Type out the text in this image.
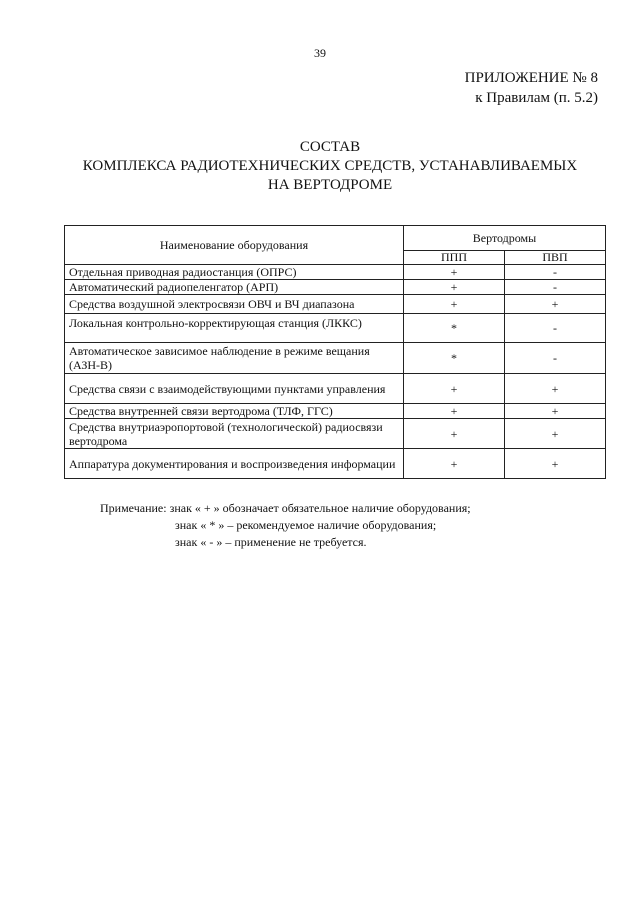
39
ПРИЛОЖЕНИЕ № 8
к Правилам (п. 5.2)
СОСТАВ
КОМПЛЕКСА РАДИОТЕХНИЧЕСКИХ СРЕДСТВ, УСТАНАВЛИВАЕМЫХ
НА ВЕРТОДРОМЕ
Наименование оборудования	Вертодромы	
	ППП	ПВП
Отдельная приводная радиостанция (ОПРС)	+	-
Автоматический радиопеленгатор (АРП)	+	-
Средства воздушной электросвязи ОВЧ и ВЧ диапазона	+	+
Локальная контрольно-корректирующая станция (ЛККС)	*	-
Автоматическое зависимое наблюдение в режиме вещания (АЗН-В)	*	-
Средства связи с взаимодействующими пунктами управления	+	+
Средства внутренней связи вертодрома (ТЛФ, ГГС)	+	+
Средства внутриаэропортовой (технологической) радиосвязи вертодрома	+	+
Аппаратура документирования и воспроизведения информации	+	+
Примечание: знак « + » обозначает обязательное наличие оборудования;
знак « * » – рекомендуемое наличие оборудования;
знак « - » – применение не требуется.
